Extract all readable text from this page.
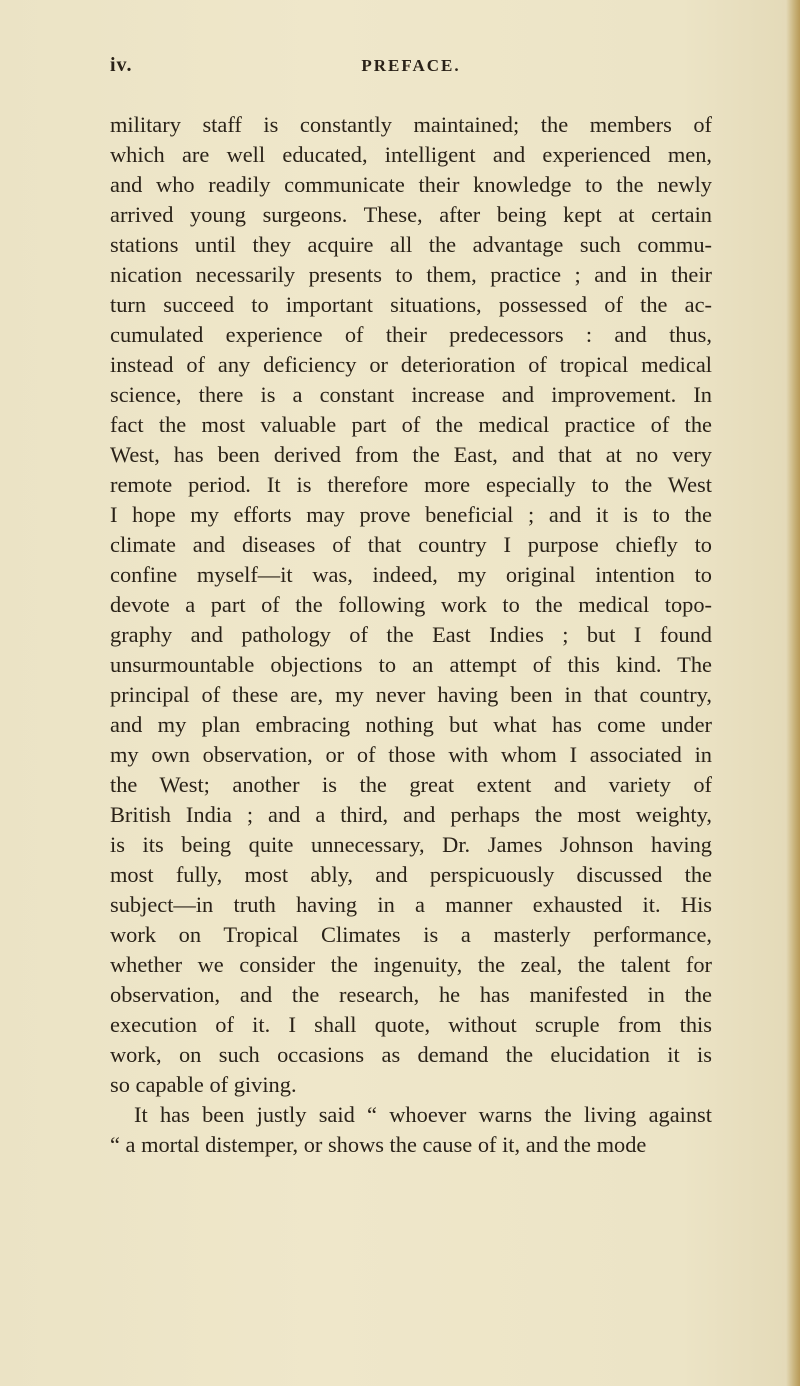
iv.	PREFACE.
military staff is constantly maintained; the members of
which are well educated, intelligent and experienced men,
and who readily communicate their knowledge to the newly
arrived young surgeons. These, after being kept at certain
stations until they acquire all the advantage such commu-
nication necessarily presents to them, practice ; and in their
turn succeed to important situations, possessed of the ac-
cumulated experience of their predecessors : and thus,
instead of any deficiency or deterioration of tropical medical
science, there is a constant increase and improvement. In
fact the most valuable part of the medical practice of the
West, has been derived from the East, and that at no very
remote period. It is therefore more especially to the West
I hope my efforts may prove beneficial ; and it is to the
climate and diseases of that country I purpose chiefly to
confine myself—it was, indeed, my original intention to
devote a part of the following work to the medical topo-
graphy and pathology of the East Indies ; but I found
unsurmountable objections to an attempt of this kind. The
principal of these are, my never having been in that country,
and my plan embracing nothing but what has come under
my own observation, or of those with whom I associated in
the West; another is the great extent and variety of
British India ; and a third, and perhaps the most weighty,
is its being quite unnecessary, Dr. James Johnson having
most fully, most ably, and perspicuously discussed the
subject—in truth having in a manner exhausted it. His
work on Tropical Climates is a masterly performance,
whether we consider the ingenuity, the zeal, the talent for
observation, and the research, he has manifested in the
execution of it. I shall quote, without scruple from this
work, on such occasions as demand the elucidation it is
so capable of giving.
It has been justly said “ whoever warns the living against
“ a mortal distemper, or shows the cause of it, and the mode
